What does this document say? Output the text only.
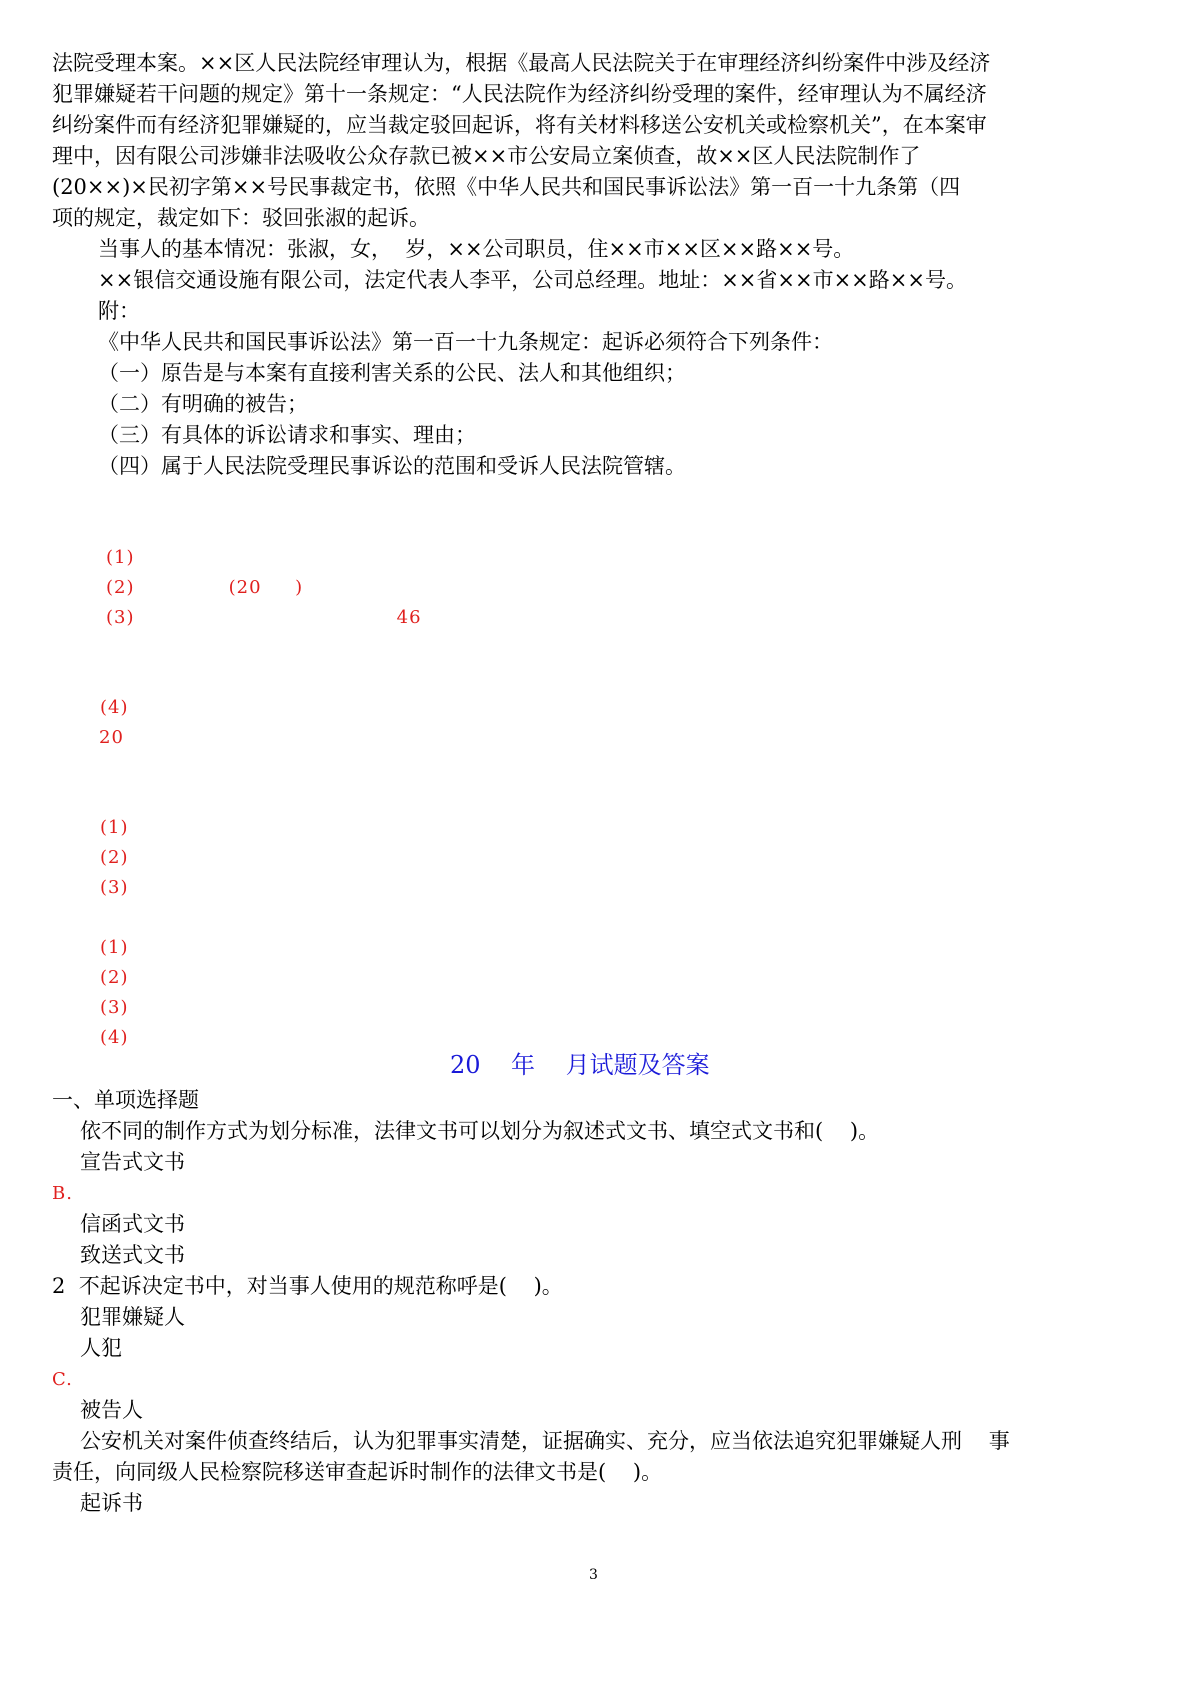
法院受理本案。××区人民法院经审理认为，根据《最高人民法院关于在审理经济纠纷案件中涉及经济

犯罪嫌疑若干问题的规定》第十一条规定：“人民法院作为经济纠纷受理的案件，经审理认为不属经济

纠纷案件而有经济犯罪嫌疑的，应当裁定驳回起诉，将有关材料移送公安机关或检察机关”，在本案审

理中，因有限公司涉嫌非法吸收公众存款已被××市公安局立案侦查，故××区人民法院制作了

(20××)×民初字第××号民事裁定书，依照《中华人民共和国民事诉讼法》第一百一十九条第（四

项的规定，裁定如下：驳回张淑的起诉。

当事人的基本情况：张淑，女，  岁，××公司职员，住××市××区××路××号。

××银信交通设施有限公司，法定代表人李平，公司总经理。地址：××省××市××路××号。

附：

《中华人民共和国民事诉讼法》第一百一十九条规定：起诉必须符合下列条件：

（一）原告是与本案有直接利害关系的公民、法人和其他组织；

（二）有明确的被告；

（三）有具体的诉讼请求和事实、理由；

（四）属于人民法院受理民事诉讼的范围和受诉人民法院管辖。

(1)

(2)              (20     )

(3)                                       46

(4)

20

(1)

(2)

(3)

(1)

(2)

(3)

(4)

20    年    月试题及答案

一、单项选择题

依不同的制作方式为划分标准，法律文书可以划分为叙述式文书、填空式文书和(    )。

宣告式文书

B.

信函式文书

致送式文书

2  不起诉决定书中，对当事人使用的规范称呼是(    )。

犯罪嫌疑人

人犯

C.

被告人

公安机关对案件侦查终结后，认为犯罪事实清楚，证据确实、充分，应当依法追究犯罪嫌疑人刑    事

责任，向同级人民检察院移送审查起诉时制作的法律文书是(    )。

起诉书

3
